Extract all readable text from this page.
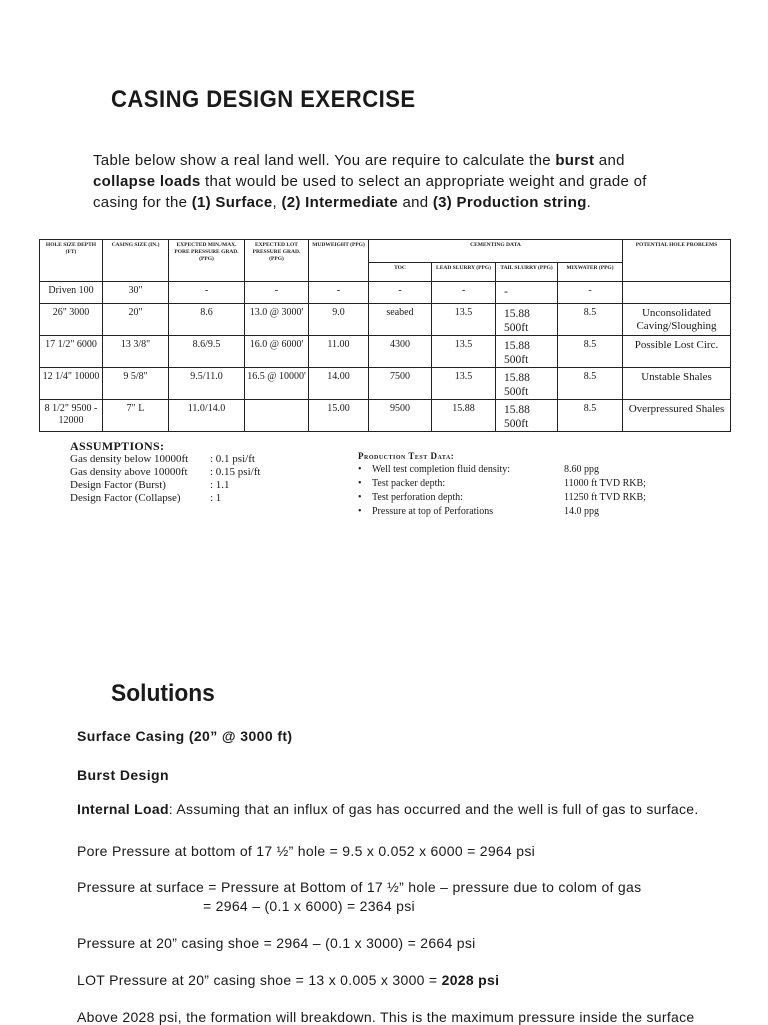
CASING DESIGN EXERCISE
Table below show a real land well. You are require to calculate the burst and
collapse loads that would be used to select an appropriate weight and grade of casing for the (1) Surface, (2) Intermediate and (3) Production string.
HOLE SIZE DEPTH (FT)	CASING SIZE (IN.)	EXPECTED MIN./MAX. PORE PRESSURE GRAD. (PPG)	EXPECTED LOT PRESSURE GRAD. (PPG)	MUDWEIGHT (PPG)	CEMENTING DATA				POTENTIAL HOLE PROBLEMS
					TOC	LEAD SLURRY (PPG)	TAIL SLURRY (PPG)	MIXWATER (PPG)	
Driven 100	30"	-	-	-	-	-	-	-	
26" 3000	20"	8.6	13.0 @ 3000'	9.0	seabed	13.5	15.88 500ft	8.5	Unconsolidated Caving/Sloughing
17 1/2" 6000	13 3/8"	8.6/9.5	16.0 @ 6000'	11.00	4300	13.5	15.88 500ft	8.5	Possible Lost Circ.
12 1/4" 10000	9 5/8"	9.5/11.0	16.5 @ 10000'	14.00	7500	13.5	15.88 500ft	8.5	Unstable Shales
8 1/2" 9500 - 12000	7" L	11.0/14.0		15.00	9500	15.88	15.88 500ft	8.5	Overpressured Shales
ASSUMPTIONS:
Gas density below 10000ft	: 0.1 psi/ft
Gas density above 10000ft	: 0.15 psi/ft
Design Factor (Burst)	: 1.1
Design Factor (Collapse)	: 1
Production Test Data:
•	Well test completion fluid density:	8.60 ppg
•	Test packer depth:	11000 ft TVD RKB;
•	Test perforation depth:	11250 ft TVD RKB;
•	Pressure at top of Perforations	14.0 ppg
Solutions
Surface Casing (20” @ 3000 ft)
Burst Design
Internal Load: Assuming that an influx of gas has occurred and the well is full of gas to surface.
Pore Pressure at bottom of 17 ½” hole = 9.5 x 0.052 x 6000 = 2964 psi
Pressure at surface = Pressure at Bottom of 17 ½” hole – pressure due to colom of gas
= 2964 – (0.1 x 6000) = 2364 psi
Pressure at 20” casing shoe = 2964 – (0.1 x 3000) = 2664 psi
LOT Pressure at 20” casing shoe = 13 x 0.005 x 3000 = 2028 psi
Above 2028 psi, the formation will breakdown. This is the maximum pressure inside the surface
